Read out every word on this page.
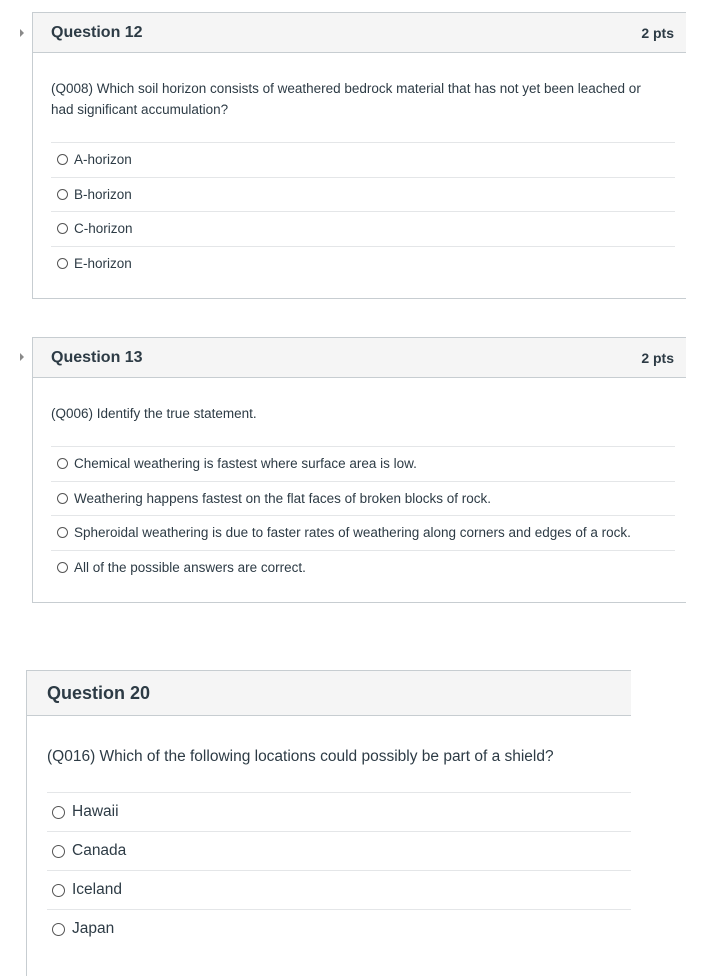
Question 12	2 pts
(Q008) Which soil horizon consists of weathered bedrock material that has not yet been leached or had significant accumulation?
A-horizon
B-horizon
C-horizon
E-horizon
Question 13	2 pts
(Q006) Identify the true statement.
Chemical weathering is fastest where surface area is low.
Weathering happens fastest on the flat faces of broken blocks of rock.
Spheroidal weathering is due to faster rates of weathering along corners and edges of a rock.
All of the possible answers are correct.
Question 20
(Q016) Which of the following locations could possibly be part of a shield?
Hawaii
Canada
Iceland
Japan
